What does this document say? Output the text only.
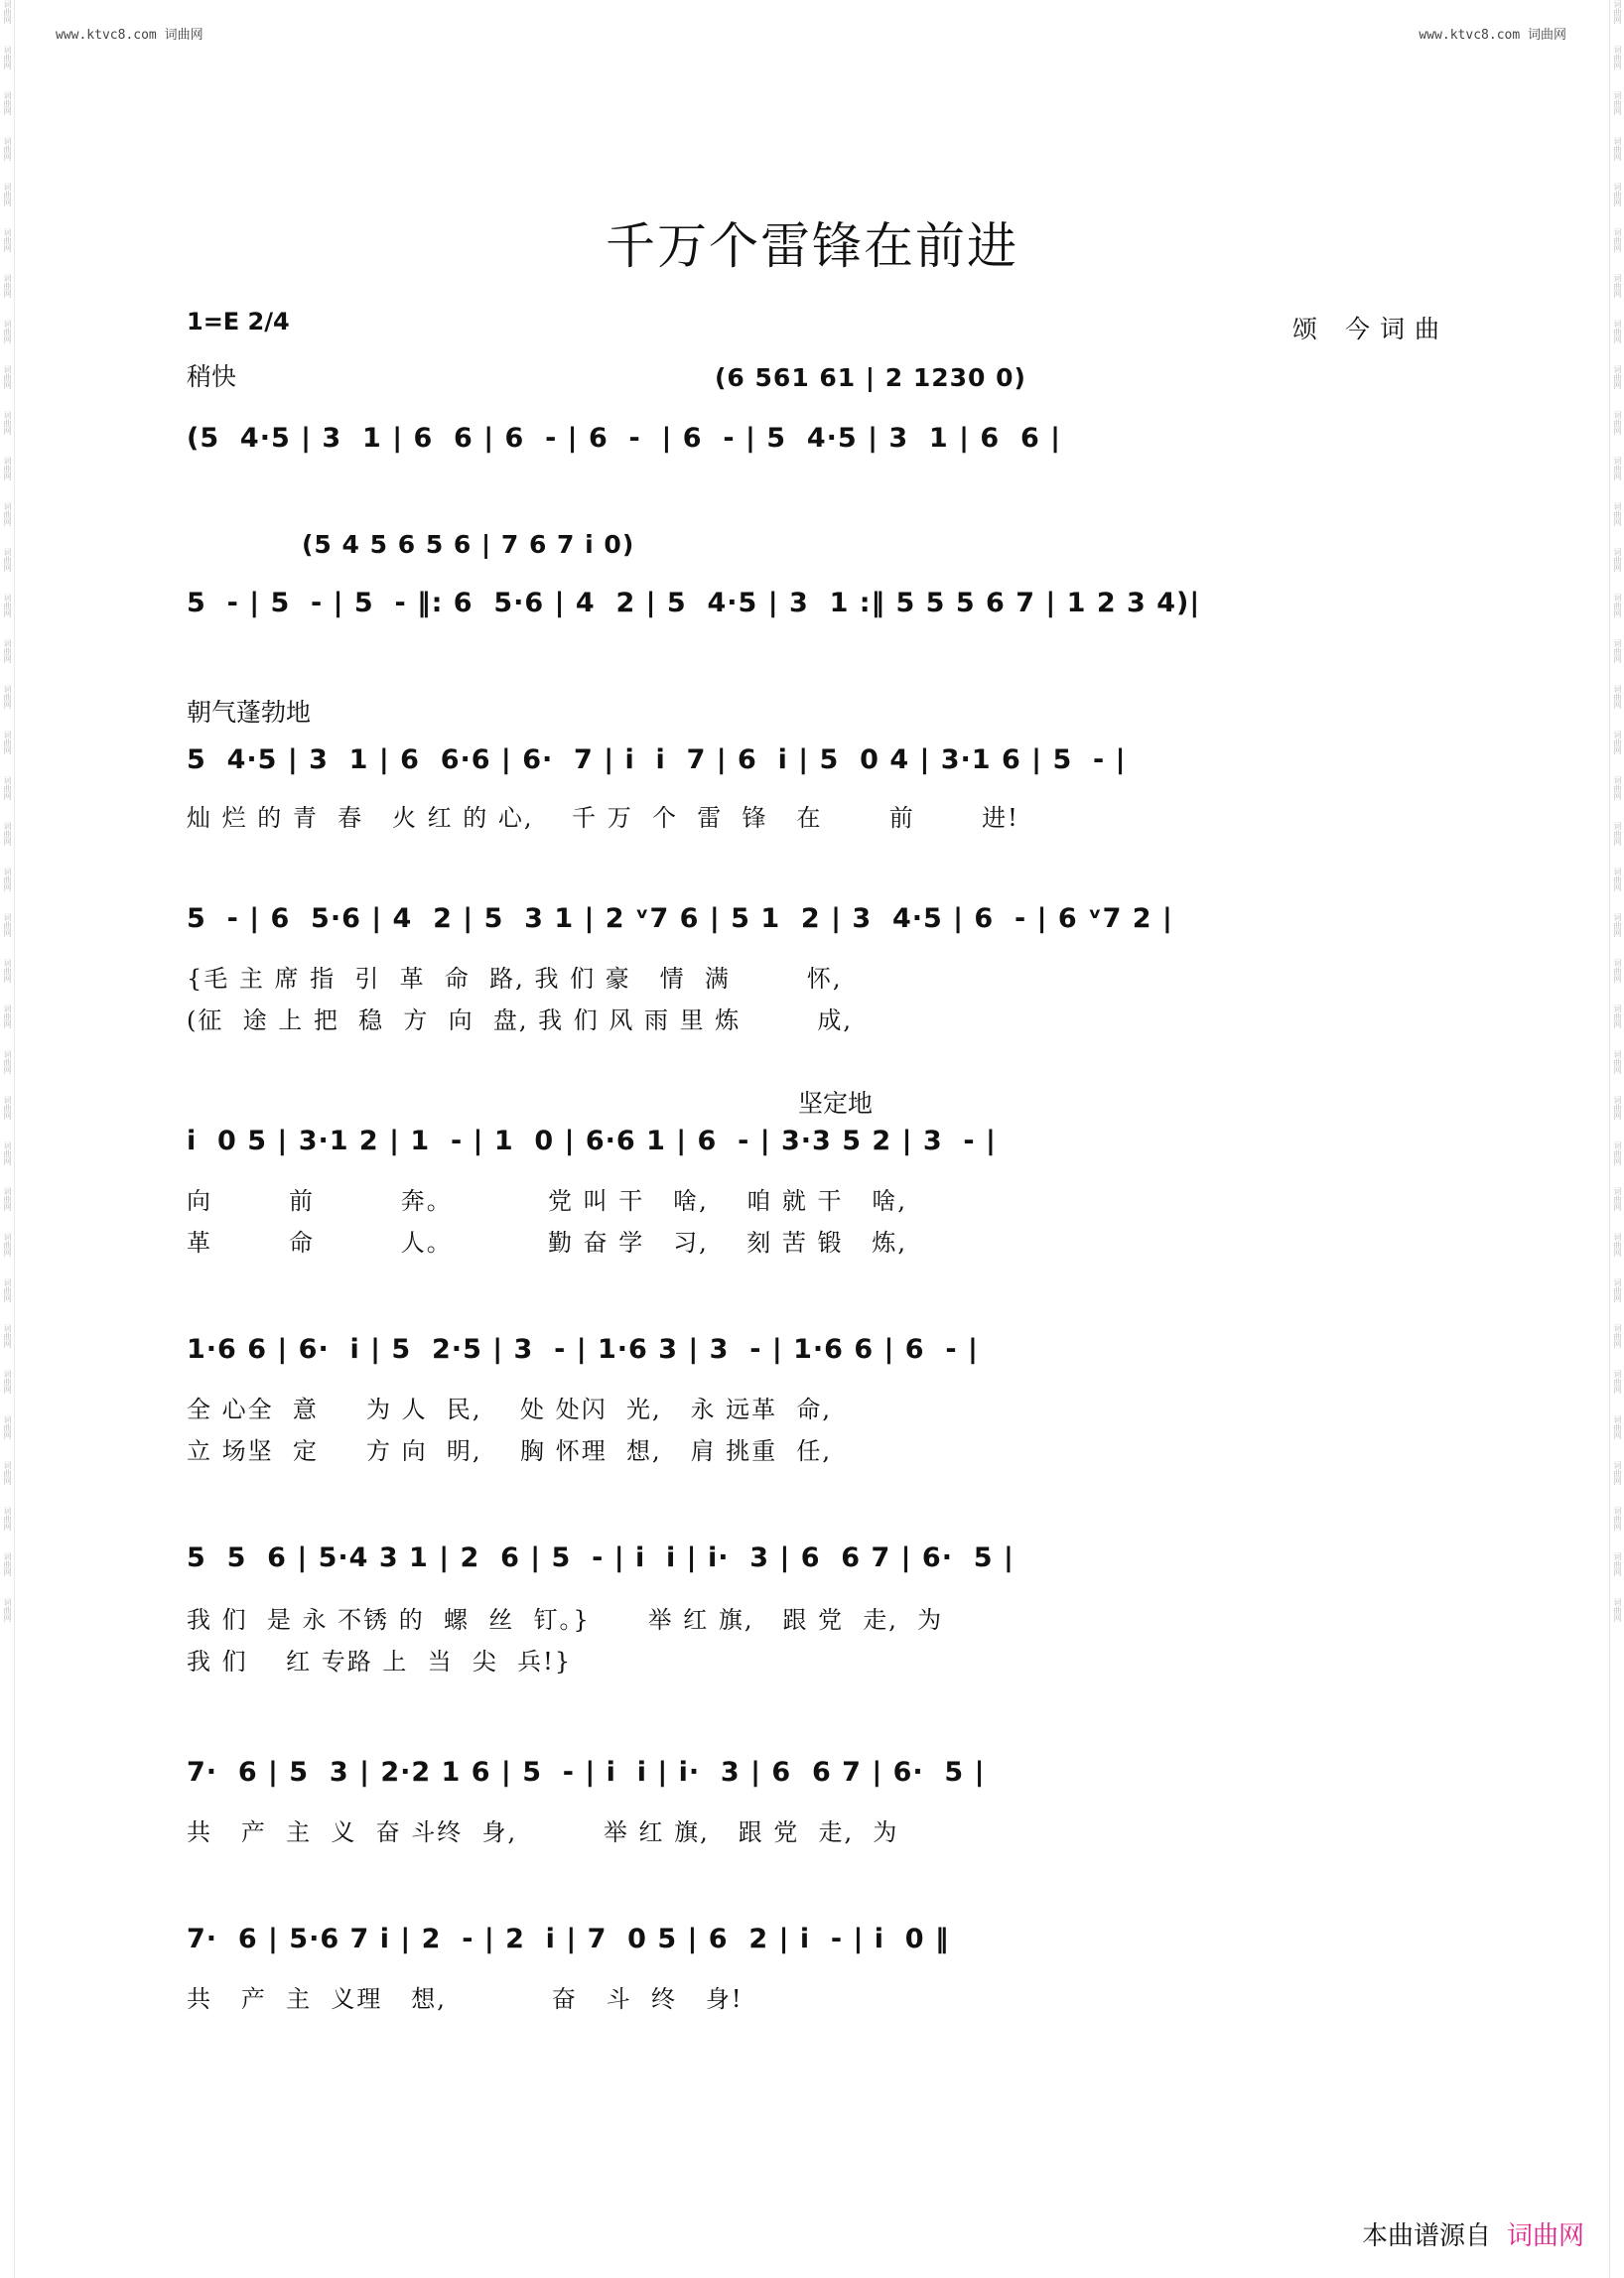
词曲网
词曲网
词曲网
词曲网
词曲网
词曲网
词曲网
词曲网
词曲网
词曲网
词曲网
词曲网
词曲网
词曲网
词曲网
词曲网
词曲网
词曲网
词曲网
词曲网
词曲网
词曲网
词曲网
词曲网
词曲网
词曲网
词曲网
词曲网
词曲网
词曲网
词曲网
词曲网
词曲网
词曲网
词曲网
词曲网
词曲网
词曲网
词曲网
词曲网
词曲网
词曲网
词曲网
词曲网
词曲网
词曲网
词曲网
词曲网
词曲网
词曲网
词曲网
词曲网
词曲网
词曲网
词曲网
词曲网
词曲网
词曲网
词曲网
词曲网
词曲网
词曲网
词曲网
词曲网
词曲网
词曲网
词曲网
词曲网
词曲网
词曲网
词曲网
词曲网
www.ktvc8.com 词曲网	www.ktvc8.com 词曲网
千万个雷锋在前进
1=E 2/4	颂 今词曲
稍快	(6 561 61 | 2 1230 0)
(5  4·5 | 3  1 | 6  6 | 6  - | 6  -  | 6  - | 5  4·5 | 3  1 | 6  6 |
(5 4 5 6 5 6 | 7 6 7 i 0)
5  - | 5  - | 5  - ‖: 6  5·6 | 4  2 | 5  4·5 | 3  1 :‖ 5 5 5 6 7 | 1 2 3 4)|
朝气蓬勃地
5  4·5 | 3  1 | 6  6·6 | 6·  7 | i  i  7 | 6  i | 5  0 4 | 3·1 6 | 5  - |
灿 烂 的 青  春   火 红 的 心,    千 万  个  雷  锋   在       前       进!
5  - | 6  5·6 | 4  2 | 5  3 1 | 2 ᵛ7 6 | 5 1  2 | 3  4·5 | 6  - | 6 ᵛ7 2 |
{毛 主 席 指  引  革  命  路, 我 们 豪   情  满        怀,
(征  途 上 把  稳  方  向  盘, 我 们 风 雨 里 炼        成,
坚定地
i  0 5 | 3·1 2 | 1  - | 1  0 | 6·6 1 | 6  - | 3·3 5 2 | 3  - |
向        前         奔。          党 叫 干   啥,    咱 就 干   啥,
革        命         人。          勤 奋 学   习,    刻 苦 锻   炼,
1·6 6 | 6·  i | 5  2·5 | 3  - | 1·6 3 | 3  - | 1·6 6 | 6  - |
全 心全  意     为 人  民,    处 处闪  光,   永 远革  命,
立 场坚  定     方 向  明,    胸 怀理  想,   肩 挑重  任,
5  5  6 | 5·4 3 1 | 2  6 | 5  - | i  i | i·  3 | 6  6 7 | 6·  5 |
我 们  是 永 不锈 的  螺  丝  钉。}      举 红 旗,   跟 党  走,  为
我 们    红 专路 上  当  尖  兵!}
7·  6 | 5  3 | 2·2 1 6 | 5  - | i  i | i·  3 | 6  6 7 | 6·  5 |
共   产  主  义  奋 斗终  身,         举 红 旗,   跟 党  走,  为
7·  6 | 5·6 7 i | 2  - | 2  i | 7  0 5 | 6  2 | i  - | i  0 ‖
共   产  主  义理   想,           奋   斗  终   身!
本曲谱源自 词曲网
